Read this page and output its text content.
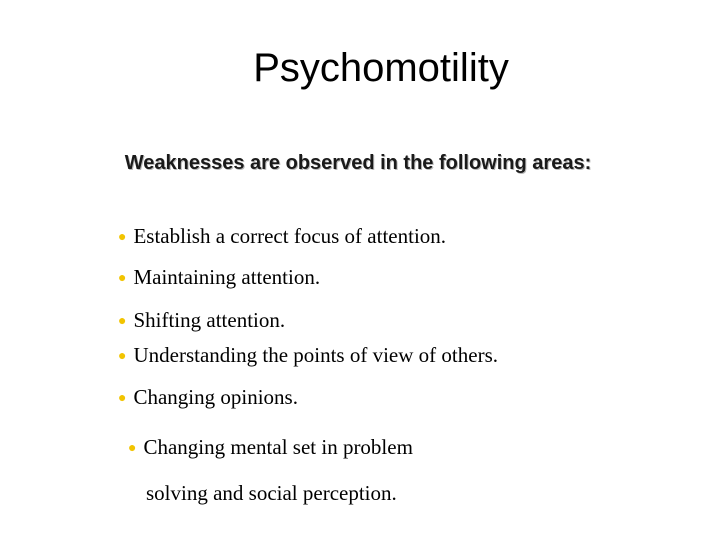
Psychomotility
Weaknesses are observed in the following areas:
● Establish a correct focus of attention.
● Maintaining attention.
● Shifting attention.
● Understanding the points of view of others.
● Changing opinions.
● Changing mental set in problem
solving and social perception.
